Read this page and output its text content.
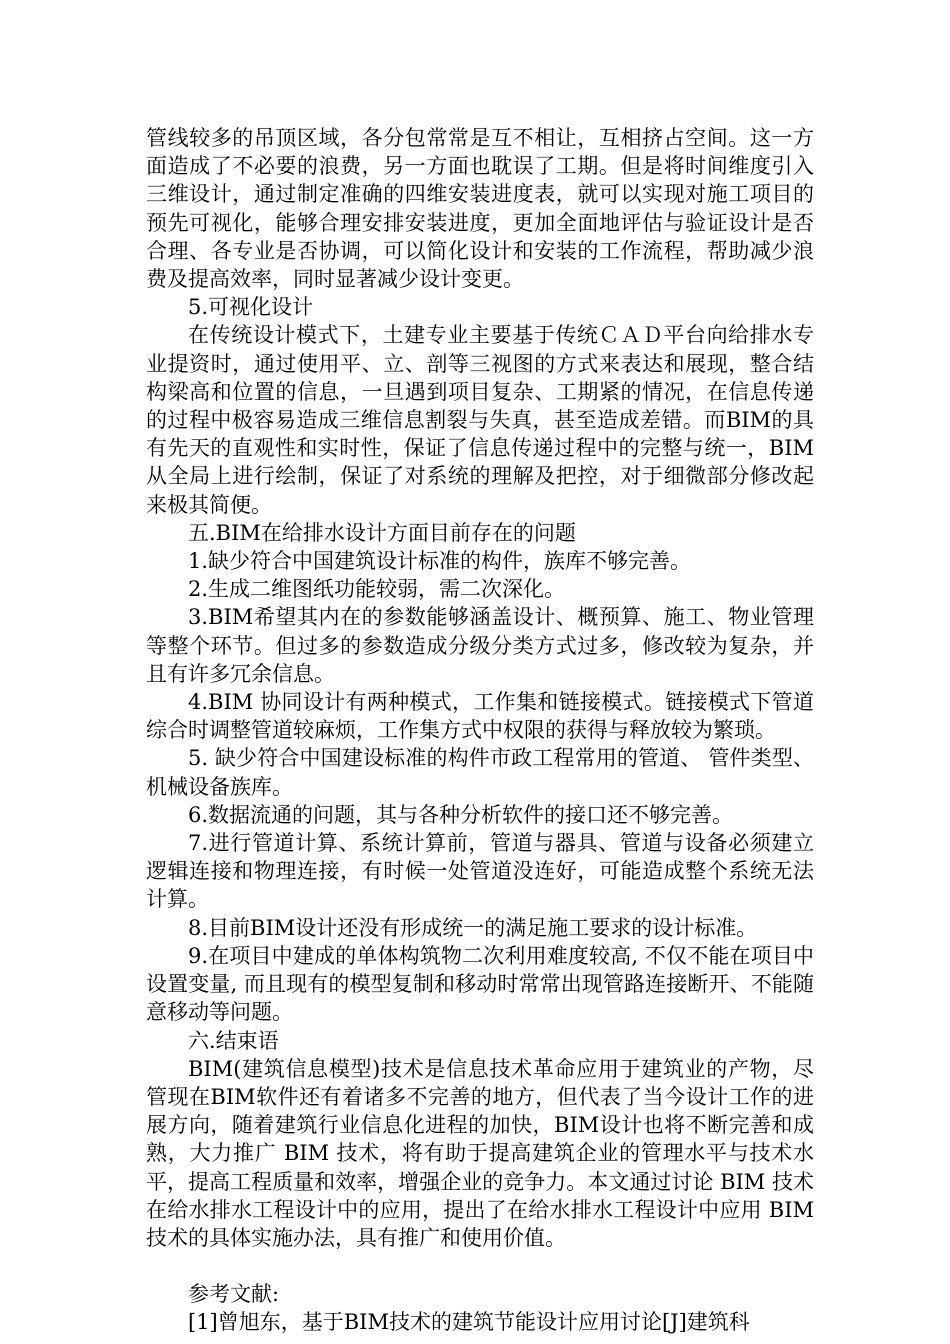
管线较多的吊顶区域，各分包常常是互不相让，互相挤占空间。这一方面造成了不必要的浪费，另一方面也耽误了工期。但是将时间维度引入三维设计，通过制定准确的四维安装进度表，就可以实现对施工项目的预先可视化，能够合理安排安装进度，更加全面地评估与验证设计是否合理、各专业是否协调，可以简化设计和安装的工作流程，帮助减少浪费及提高效率，同时显著减少设计变更。

5.可视化设计

在传统设计模式下，土建专业主要基于传统ＣＡＤ平台向给排水专业提资时，通过使用平、立、剖等三视图的方式来表达和展现，整合结构梁高和位置的信息，一旦遇到项目复杂、工期紧的情况，在信息传递的过程中极容易造成三维信息割裂与失真，甚至造成差错。而BIM的具有先天的直观性和实时性，保证了信息传递过程中的完整与统一，BIM从全局上进行绘制，保证了对系统的理解及把控，对于细微部分修改起来极其简便。

五.BIM在给排水设计方面目前存在的问题

1.缺少符合中国建筑设计标准的构件，族库不够完善。

2.生成二维图纸功能较弱，需二次深化。

3.BIM希望其内在的参数能够涵盖设计、概预算、施工、物业管理等整个环节。但过多的参数造成分级分类方式过多，修改较为复杂，并且有许多冗余信息。

4.BIM 协同设计有两种模式，工作集和链接模式。链接模式下管道综合时调整管道较麻烦，工作集方式中权限的获得与释放较为繁琐。

5. 缺少符合中国建设标准的构件市政工程常用的管道、 管件类型、 机械设备族库。

6.数据流通的问题，其与各种分析软件的接口还不够完善。

7.进行管道计算、系统计算前，管道与器具、管道与设备必须建立逻辑连接和物理连接，有时候一处管道没连好，可能造成整个系统无法计算。

8.目前BIM设计还没有形成统一的满足施工要求的设计标准。

9.在项目中建成的单体构筑物二次利用难度较高, 不仅不能在项目中设置变量, 而且现有的模型复制和移动时常常出现管路连接断开、不能随意移动等问题。

六.结束语

BIM(建筑信息模型)技术是信息技术革命应用于建筑业的产物，尽管现在BIM软件还有着诸多不完善的地方，但代表了当今设计工作的进展方向，随着建筑行业信息化进程的加快，BIM设计也将不断完善和成熟，大力推广 BIM 技术，将有助于提高建筑企业的管理水平与技术水平，提高工程质量和效率，增强企业的竞争力。本文通过讨论 BIM 技术在给水排水工程设计中的应用，提出了在给水排水工程设计中应用 BIM 技术的具体实施办法，具有推广和使用价值。

参考文献:

[1]曾旭东，基于BIM技术的建筑节能设计应用讨论[J]建筑科
